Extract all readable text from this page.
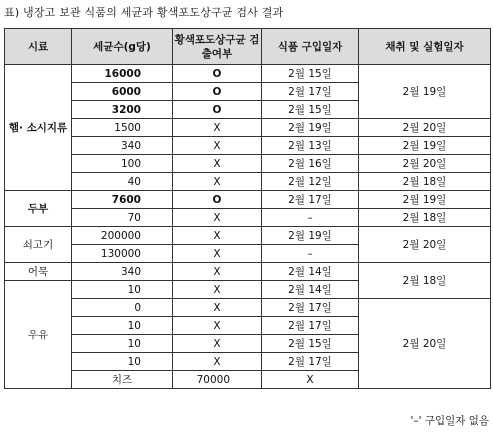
표) 냉장고 보관 식품의 세균과 황색포도상구균 검사 결과
시료	세균수(g당)	황색포도상구균 검출여부	식품 구입일자	채취 및 실험일자	
햄· 소시지류	16000	O	2월 15일	2월 19일	
	6000	O	2월 17일		
	3200	O	2월 15일		
	1500	X	2월 19일	2월 20일	
	340	X	2월 13일	2월 19일	
	100	X	2월 16일	2월 20일	
	40	X	2월 12일	2월 18일	
두부	7600	O	2월 17일	2월 19일	
	70	X	–	2월 18일	
쇠고기	200000	X	2월 19일	2월 20일	
	130000	X	–		
어묵	340	X	2월 14일	2월 18일	
우유	10	X	2월 14일		
	0	X	2월 17일	2월 20일	
	10	X	2월 17일		
	10	X	2월 15일		
	10	X	2월 17일		
	치즈	70000	X	
'–' 구입일자 없음
